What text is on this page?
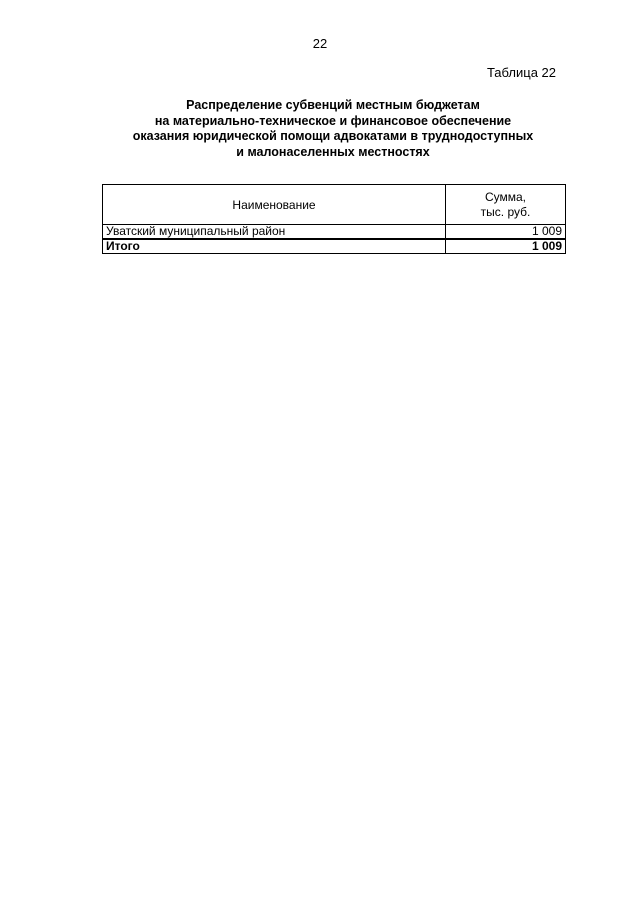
22
Таблица 22
Распределение субвенций местным бюджетам
на материально-техническое и финансовое обеспечение
оказания юридической помощи адвокатами в труднодоступных
и малонаселенных местностях
Наименование	Сумма,
тыс. руб.

Уватский муниципальный район	1 009
Итого	1 009
